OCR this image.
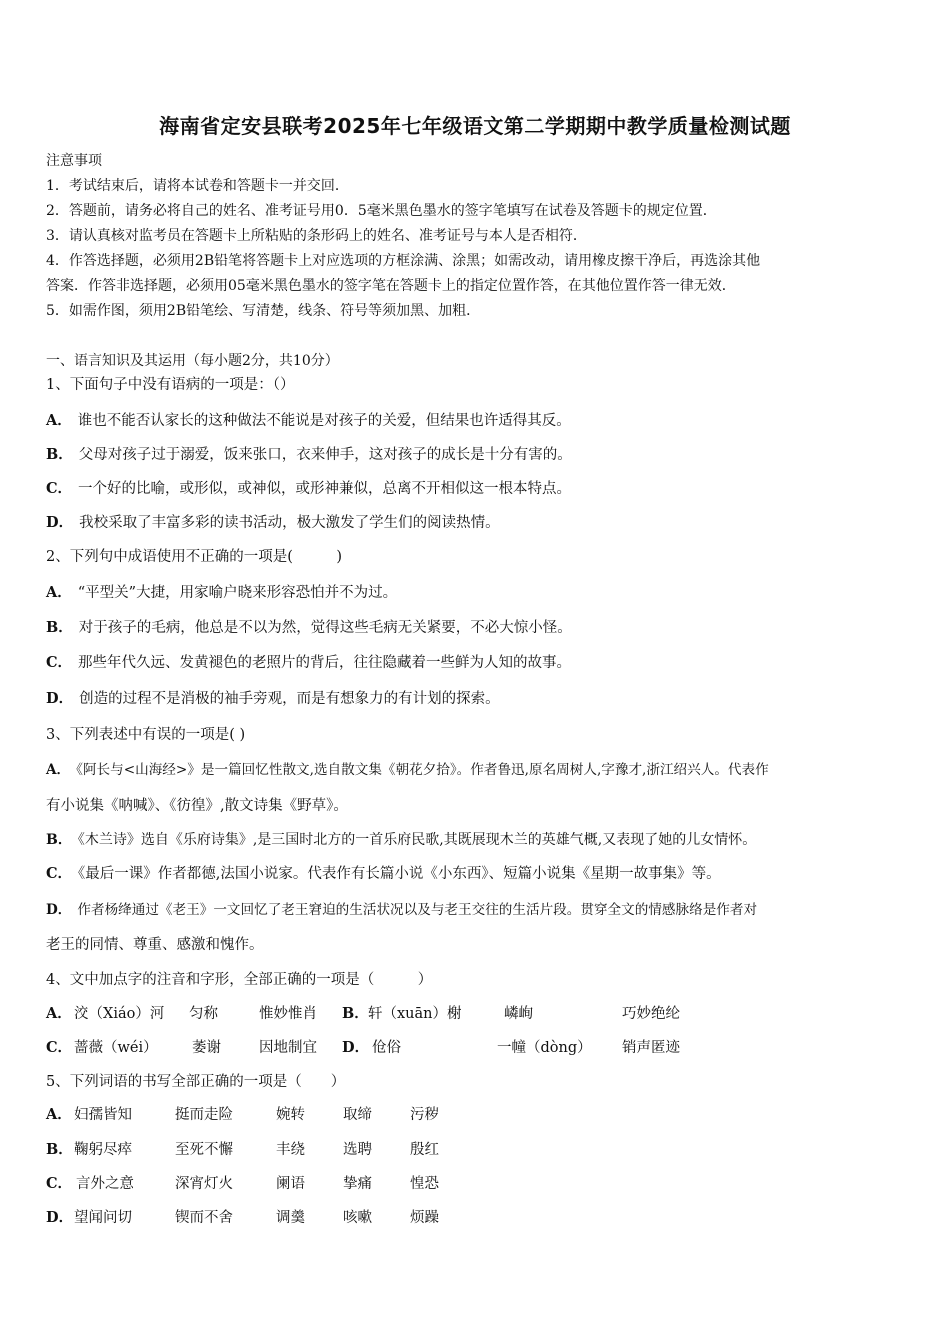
海南省定安县联考2025年七年级语文第二学期期中教学质量检测试题
注意事项
1．考试结束后，请将本试卷和答题卡一并交回．
2．答题前，请务必将自己的姓名、准考证号用0．5毫米黑色墨水的签字笔填写在试卷及答题卡的规定位置．
3．请认真核对监考员在答题卡上所粘贴的条形码上的姓名、准考证号与本人是否相符．
4．作答选择题，必须用2B铅笔将答题卡上对应选项的方框涂满、涂黑；如需改动，请用橡皮擦干净后，再选涂其他
答案．作答非选择题，必须用05毫米黑色墨水的签字笔在答题卡上的指定位置作答，在其他位置作答一律无效．
5．如需作图，须用2B铅笔绘、写清楚，线条、符号等须加黑、加粗．
一、语言知识及其运用（每小题2分，共10分）
1、下面句子中没有语病的一项是：（）
A． 谁也不能否认家长的这种做法不能说是对孩子的关爱，但结果也许适得其反。
B． 父母对孩子过于溺爱，饭来张口，衣来伸手，这对孩子的成长是十分有害的。
C． 一个好的比喻，或形似，或神似，或形神兼似，总离不开相似这一根本特点。
D． 我校采取了丰富多彩的读书活动，极大激发了学生们的阅读热情。
2、下列句中成语使用不正确的一项是(　　　)
A． “平型关”大捷，用家喻户晓来形容恐怕并不为过。
B． 对于孩子的毛病，他总是不以为然，觉得这些毛病无关紧要，不必大惊小怪。
C． 那些年代久远、发黄褪色的老照片的背后，往往隐藏着一些鲜为人知的故事。
D． 创造的过程不是消极的袖手旁观，而是有想象力的有计划的探索。
3、下列表述中有误的一项是( )
A． 《阿长与<山海经>》是一篇回忆性散文,选自散文集《朝花夕拾》。作者鲁迅,原名周树人,字豫才,浙江绍兴人。代表作
有小说集《呐喊》、《彷徨》,散文诗集《野草》。
B． 《木兰诗》选自《乐府诗集》,是三国时北方的一首乐府民歌,其既展现木兰的英雄气概,又表现了她的儿女情怀。
C． 《最后一课》作者都德,法国小说家。代表作有长篇小说《小东西》、短篇小说集《星期一故事集》等。
D． 作者杨绛通过《老王》一文回忆了老王窘迫的生活状况以及与老王交往的生活片段。贯穿全文的情感脉络是作者对
老王的同情、尊重、感激和愧作。
4、文中加点字的注音和字形，全部正确的一项是（　　　）
A． 洨（Xiáo）河 匀称	惟妙惟肖 B． 轩（xuān）榭	嶙峋	巧妙绝纶
C． 蔷薇（wéi） 萎谢	因地制宜 D． 伧俗	一幢（dòng） 销声匿迹
5、下列词语的书写全部正确的一项是（　　）
A． 妇孺皆知	挺而走险	婉转	取缔	污秽
B． 鞠躬尽瘁	至死不懈	丰绕	选聘	殷红
C． 言外之意	深宵灯火	阑语	挚痛	惶恐
D． 望闻问切	锲而不舍	调羹	咳嗽	烦躁
